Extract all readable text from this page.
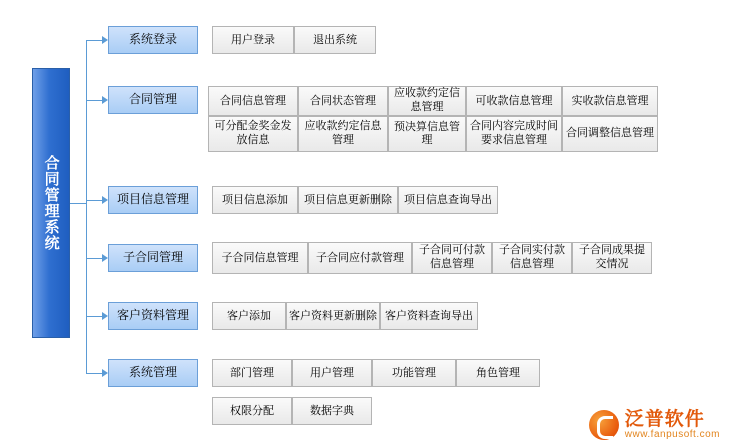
合同管理系统
系统登录	用户登录	退出系统
合同管理	合同信息管理	合同状态管理
应收款约定信息管理
可收款信息管理	实收款信息管理
可分配金奖金发放信息
应收款约定信息管理
预决算信息管理
合同内容完成时间要求信息管理
合同调整信息管理
项目信息管理	项目信息添加	项目信息更新删除	项目信息查询导出
子合同管理	子合同信息管理	子合同应付款管理
子合同可付款信息管理
子合同实付款信息管理
子合同成果提交情况
客户资料管理	客户添加	客户资料更新删除 客户资料查询导出
系统管理	部门管理	用户管理	功能管理	角色管理
权限分配	数据字典	泛普软件
www.fanpusoft.com
